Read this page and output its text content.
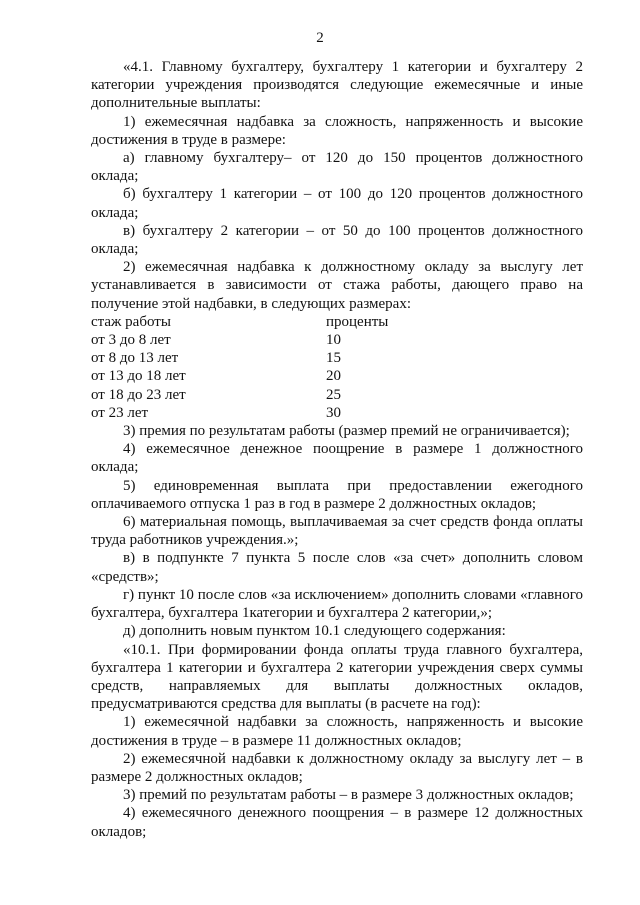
2

«4.1. Главному бухгалтеру, бухгалтеру 1 категории и бухгалтеру 2 категории учреждения производятся следующие ежемесячные и иные дополнительные выплаты:

1) ежемесячная надбавка за сложность, напряженность и высокие достижения в труде в размере:

а) главному бухгалтеру– от 120 до 150 процентов должностного оклада;

б) бухгалтеру 1 категории – от 100 до 120 процентов должностного оклада;

в) бухгалтеру 2 категории – от 50 до 100 процентов должностного оклада;

2) ежемесячная надбавка к должностному окладу за выслугу лет устанавливается в зависимости от стажа работы, дающего право на получение этой надбавки, в следующих размерах:

стаж работы	проценты
от 3 до 8 лет	10
от 8 до 13 лет	15
от 13 до 18 лет	20
от 18 до 23 лет	25
от 23 лет	30

3) премия по результатам работы (размер премий не ограничивается);

4) ежемесячное денежное поощрение в размере 1 должностного оклада;

5) единовременная выплата при предоставлении ежегодного оплачиваемого отпуска 1 раз в год в размере 2 должностных окладов;

6) материальная помощь, выплачиваемая за счет средств фонда оплаты труда работников учреждения.»;

в) в подпункте 7 пункта 5 после слов «за счет» дополнить словом «средств»;

г) пункт 10 после слов «за исключением» дополнить словами «главного бухгалтера, бухгалтера 1категории и бухгалтера 2 категории,»;

д) дополнить новым пунктом 10.1 следующего содержания:

«10.1. При формировании фонда оплаты труда главного бухгалтера, бухгалтера 1 категории и бухгалтера 2 категории учреждения сверх суммы средств, направляемых для выплаты должностных окладов, предусматриваются средства для выплаты (в расчете на год):

1) ежемесячной надбавки за сложность, напряженность и высокие достижения в труде – в размере 11 должностных окладов;

2) ежемесячной надбавки к должностному окладу за выслугу лет – в размере 2 должностных окладов;

3) премий по результатам работы – в размере 3 должностных окладов;

4) ежемесячного денежного поощрения – в размере 12 должностных окладов;
